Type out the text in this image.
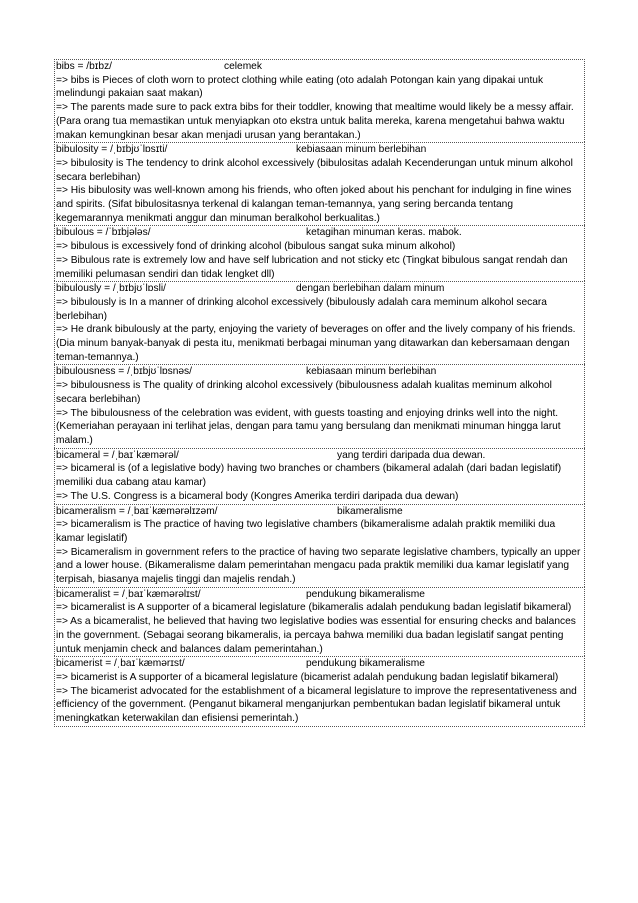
bibs = /bɪbz/	celemek
=> bibs is Pieces of cloth worn to protect clothing while eating (oto adalah Potongan kain yang dipakai untuk melindungi pakaian saat makan)
=> The parents made sure to pack extra bibs for their toddler, knowing that mealtime would likely be a messy affair. (Para orang tua memastikan untuk menyiapkan oto ekstra untuk balita mereka, karena mengetahui bahwa waktu makan kemungkinan besar akan menjadi urusan yang berantakan.)
bibulosity = /ˌbɪbjʊˈlɒsɪti/	kebiasaan minum berlebihan
=> bibulosity is The tendency to drink alcohol excessively (bibulositas adalah Kecenderungan untuk minum alkohol secara berlebihan)
=> His bibulosity was well-known among his friends, who often joked about his penchant for indulging in fine wines and spirits. (Sifat bibulositasnya terkenal di kalangan teman-temannya, yang sering bercanda tentang kegemarannya menikmati anggur dan minuman beralkohol berkualitas.)
bibulous = /ˈbɪbjələs/	ketagihan minuman keras. mabok.
=> bibulous is excessively fond of drinking alcohol (bibulous sangat suka minum alkohol)
=> Bibulous rate is extremely low and have self lubrication and not sticky etc (Tingkat bibulous sangat rendah dan memiliki pelumasan sendiri dan tidak lengket dll)
bibulously = /ˌbɪbjʊˈlɒsli/	dengan berlebihan dalam minum
=> bibulously is In a manner of drinking alcohol excessively (bibulously adalah cara meminum alkohol secara berlebihan)
=> He drank bibulously at the party, enjoying the variety of beverages on offer and the lively company of his friends. (Dia minum banyak-banyak di pesta itu, menikmati berbagai minuman yang ditawarkan dan kebersamaan dengan teman-temannya.)
bibulousness = /ˌbɪbjʊˈlɒsnəs/	kebiasaan minum berlebihan
=> bibulousness is The quality of drinking alcohol excessively (bibulousness adalah kualitas meminum alkohol secara berlebihan)
=> The bibulousness of the celebration was evident, with guests toasting and enjoying drinks well into the night. (Kemeriahan perayaan ini terlihat jelas, dengan para tamu yang bersulang dan menikmati minuman hingga larut malam.)
bicameral = /ˌbaɪˈkæmərəl/	yang terdiri daripada dua dewan.
=> bicameral is (of a legislative body) having two branches or chambers (bikameral adalah (dari badan legislatif) memiliki dua cabang atau kamar)
=> The U.S. Congress is a bicameral body (Kongres Amerika terdiri daripada dua dewan)
bicameralism = /ˌbaɪˈkæmərəlɪzəm/	bikameralisme
=> bicameralism is The practice of having two legislative chambers (bikameralisme adalah praktik memiliki dua kamar legislatif)
=> Bicameralism in government refers to the practice of having two separate legislative chambers, typically an upper and a lower house. (Bikameralisme dalam pemerintahan mengacu pada praktik memiliki dua kamar legislatif yang terpisah, biasanya majelis tinggi dan majelis rendah.)
bicameralist = /ˌbaɪˈkæmərəlɪst/	pendukung bikameralisme
=> bicameralist is A supporter of a bicameral legislature (bikameralis adalah pendukung badan legislatif bikameral)
=> As a bicameralist, he believed that having two legislative bodies was essential for ensuring checks and balances in the government. (Sebagai seorang bikameralis, ia percaya bahwa memiliki dua badan legislatif sangat penting untuk menjamin check and balances dalam pemerintahan.)
bicamerist = /ˌbaɪˈkæmərɪst/	pendukung bikameralisme
=> bicamerist is A supporter of a bicameral legislature (bicamerist adalah pendukung badan legislatif bikameral)
=> The bicamerist advocated for the establishment of a bicameral legislature to improve the representativeness and efficiency of the government. (Penganut bikameral menganjurkan pembentukan badan legislatif bikameral untuk meningkatkan keterwakilan dan efisiensi pemerintah.)
